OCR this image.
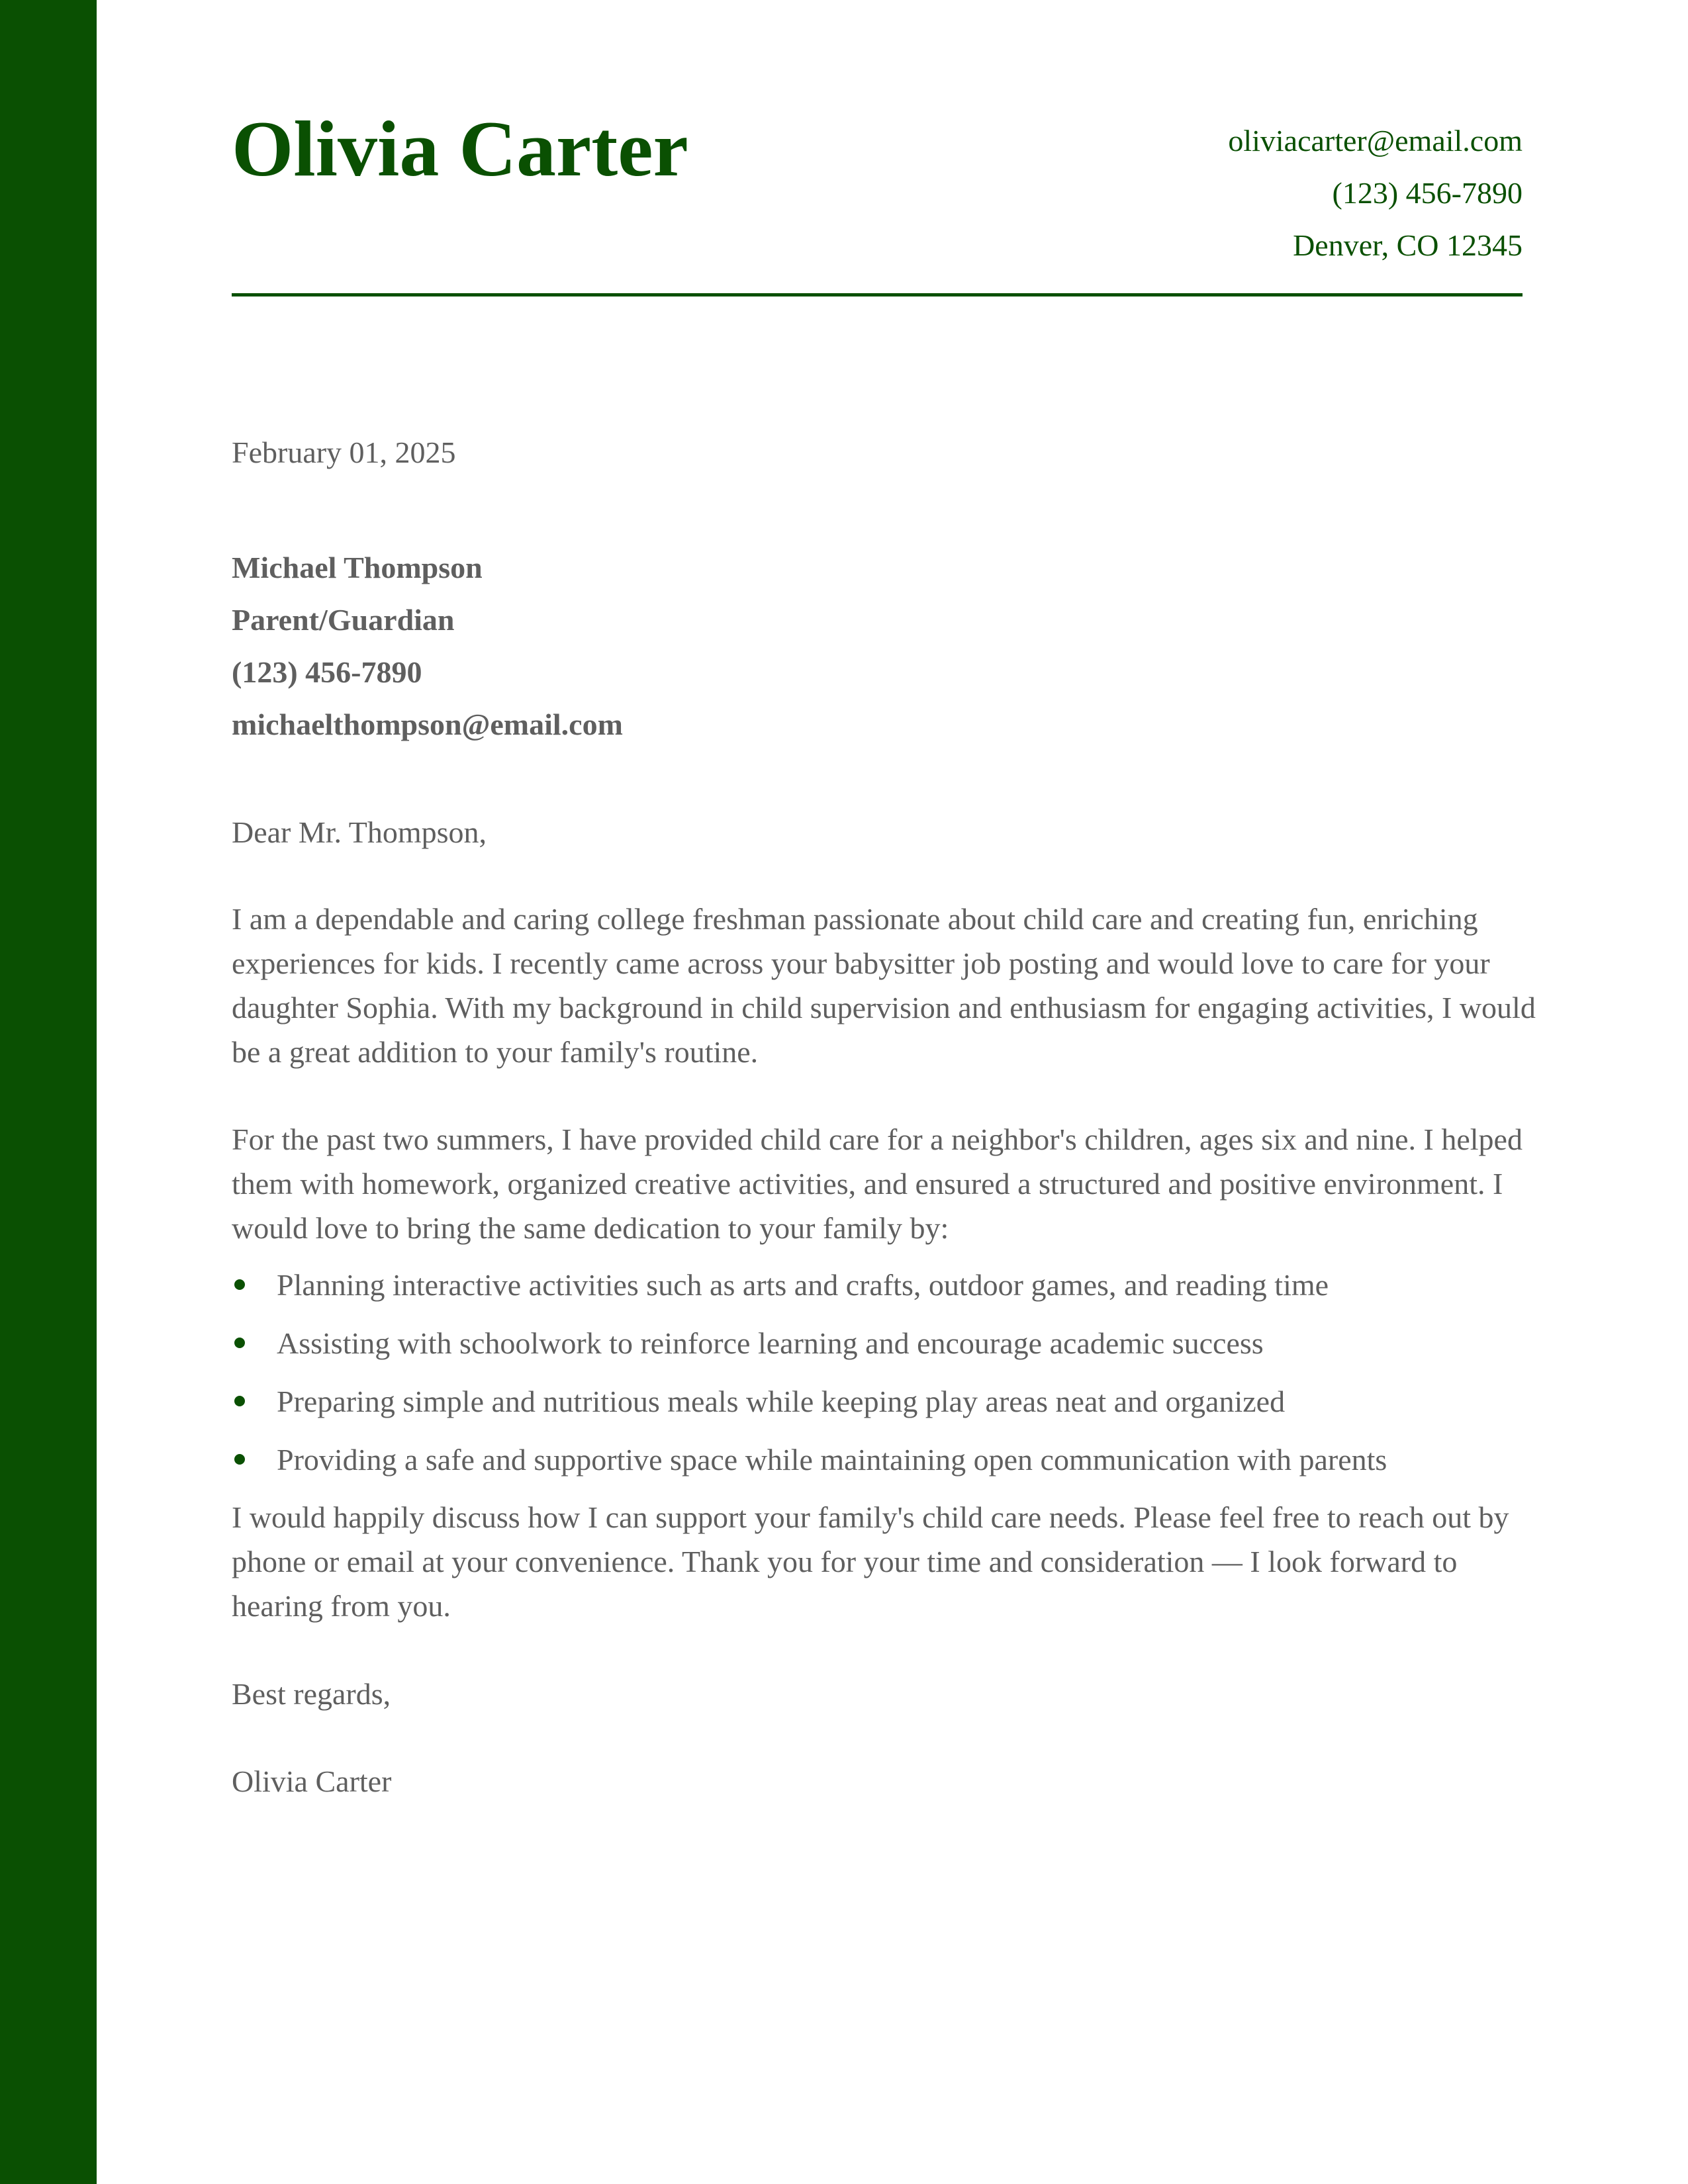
Olivia Carter	oliviacarter@email.com
(123) 456-7890
Denver, CO 12345
February 01, 2025
Michael Thompson
Parent/Guardian
(123) 456-7890
michaelthompson@email.com
Dear Mr. Thompson,

I am a dependable and caring college freshman passionate about child care and creating fun, enriching experiences for kids. I recently came across your babysitter job posting and would love to care for your daughter Sophia. With my background in child supervision and enthusiasm for engaging activities, I would be a great addition to your family's routine.

For the past two summers, I have provided child care for a neighbor's children, ages six and nine. I helped them with homework, organized creative activities, and ensured a structured and positive environment. I would love to bring the same dedication to your family by:

Planning interactive activities such as arts and crafts, outdoor games, and reading time
Assisting with schoolwork to reinforce learning and encourage academic success
Preparing simple and nutritious meals while keeping play areas neat and organized
Providing a safe and supportive space while maintaining open communication with parents

I would happily discuss how I can support your family's child care needs. Please feel free to reach out by phone or email at your convenience. Thank you for your time and consideration — I look forward to hearing from you.

Best regards,
Olivia Carter
